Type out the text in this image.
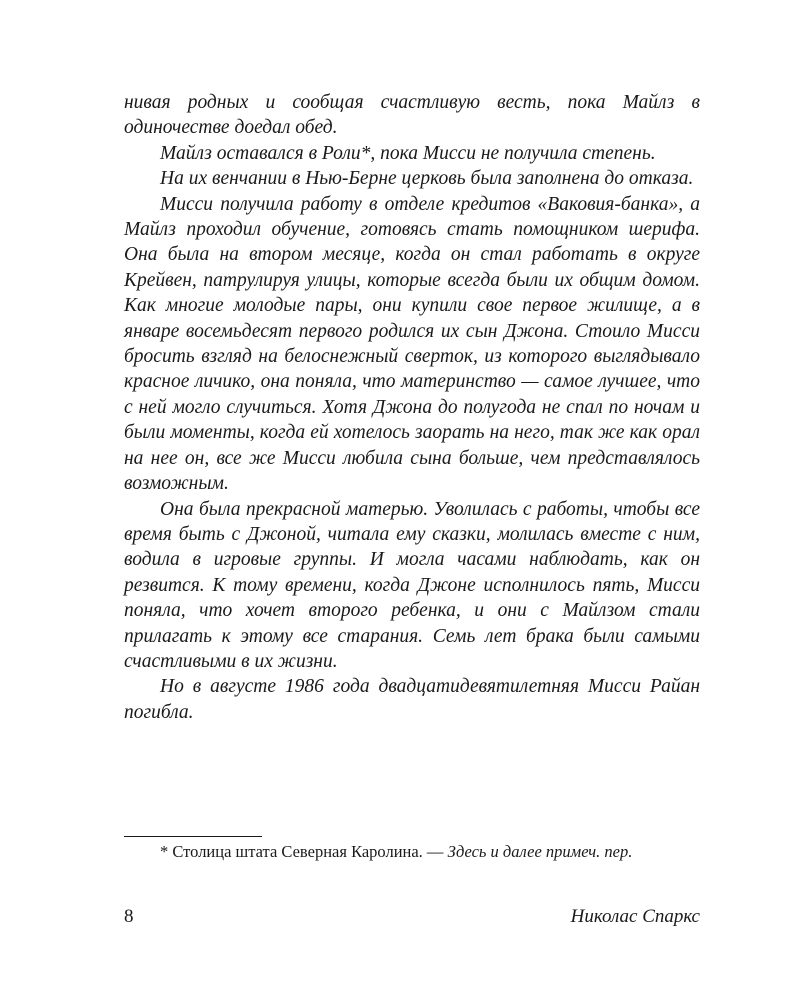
нивая родных и сообщая счастливую весть, пока Майлз в одиночестве доедал обед.

Майлз оставался в Роли*, пока Мисси не получила степень.

На их венчании в Нью-Берне церковь была заполнена до отказа.

Мисси получила работу в отделе кредитов «Ваковия-банка», а Майлз проходил обучение, готовясь стать помощником шерифа. Она была на втором месяце, когда он стал работать в округе Крейвен, патрулируя улицы, которые всегда были их общим домом. Как многие молодые пары, они купили свое первое жилище, а в январе восемьдесят первого родился их сын Джона. Стоило Мисси бросить взгляд на белоснежный сверток, из которого выглядывало красное личико, она поняла, что материнство — самое лучшее, что с ней могло случиться. Хотя Джона до полугода не спал по ночам и были моменты, когда ей хотелось заорать на него, так же как орал на нее он, все же Мисси любила сына больше, чем представлялось возможным.

Она была прекрасной матерью. Уволилась с работы, чтобы все время быть с Джоной, читала ему сказки, молилась вместе с ним, водила в игровые группы. И могла часами наблюдать, как он резвится. К тому времени, когда Джоне исполнилось пять, Мисси поняла, что хочет второго ребенка, и они с Майлзом стали прилагать к этому все старания. Семь лет брака были самыми счастливыми в их жизни.

Но в августе 1986 года двадцатидевятилетняя Мисси Райан погибла.

* Столица штата Северная Каролина. — Здесь и далее примеч. пер.

8	Николас Спаркс
